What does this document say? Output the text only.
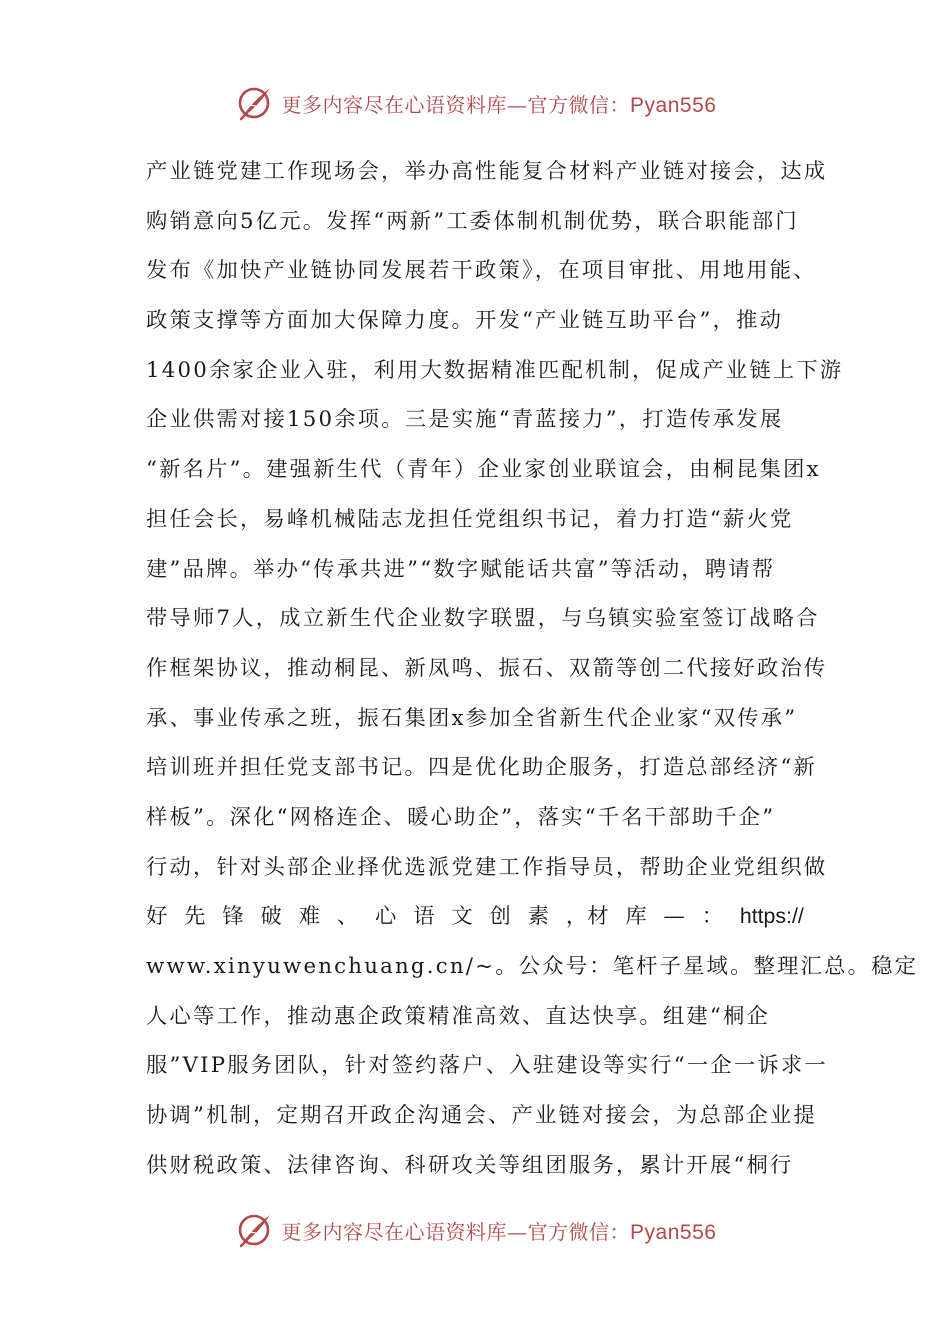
更多内容尽在心语资料库—官方微信：Pyan556
产业链党建工作现场会，举办高性能复合材料产业链对接会，达成
购销意向5亿元。发挥“两新”工委体制机制优势，联合职能部门
发布《加快产业链协同发展若干政策》，在项目审批、用地用能、
政策支撑等方面加大保障力度。开发“产业链互助平台”，推动
1400余家企业入驻，利用大数据精准匹配机制，促成产业链上下游
企业供需对接150余项。三是实施“青蓝接力”，打造传承发展
“新名片”。建强新生代（青年）企业家创业联谊会，由桐昆集团x
担任会长，易峰机械陆志龙担任党组织书记，着力打造“薪火党
建”品牌。举办“传承共进”“数字赋能话共富”等活动，聘请帮
带导师7人，成立新生代企业数字联盟，与乌镇实验室签订战略合
作框架协议，推动桐昆、新凤鸣、振石、双箭等创二代接好政治传
承、事业传承之班，振石集团x参加全省新生代企业家“双传承”
培训班并担任党支部书记。四是优化助企服务，打造总部经济“新
样板”。深化“网格连企、暖心助企”，落实“千名干部助千企”
行动，针对头部企业择优选派党建工作指导员，帮助企业党组织做
好 先 锋 破 难 、 心 语 文 创 素 ，材 库 — ： https://
www.xinyuwenchuang.cn/~。公众号：笔杆子星域。整理汇总。稳定
人心等工作，推动惠企政策精准高效、直达快享。组建“桐企
服”VIP服务团队，针对签约落户、入驻建设等实行“一企一诉求一
协调”机制，定期召开政企沟通会、产业链对接会，为总部企业提
供财税政策、法律咨询、科研攻关等组团服务，累计开展“桐行
更多内容尽在心语资料库—官方微信：Pyan556
